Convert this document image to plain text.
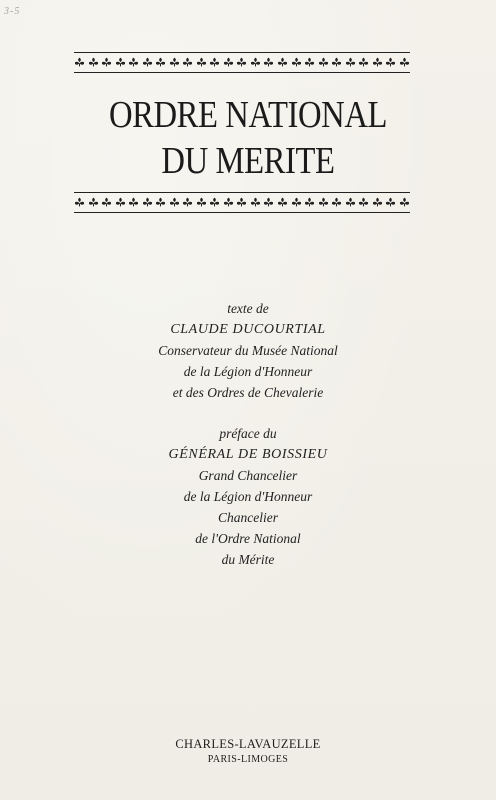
3-5
ORDRE NATIONAL
DU MERITE
texte de
CLAUDE DUCOURTIAL
Conservateur du Musée National
de la Légion d'Honneur
et des Ordres de Chevalerie
préface du
GÉNÉRAL DE BOISSIEU
Grand Chancelier
de la Légion d'Honneur
Chancelier
de l'Ordre National
du Mérite
CHARLES-LAVAUZELLE
PARIS-LIMOGES
